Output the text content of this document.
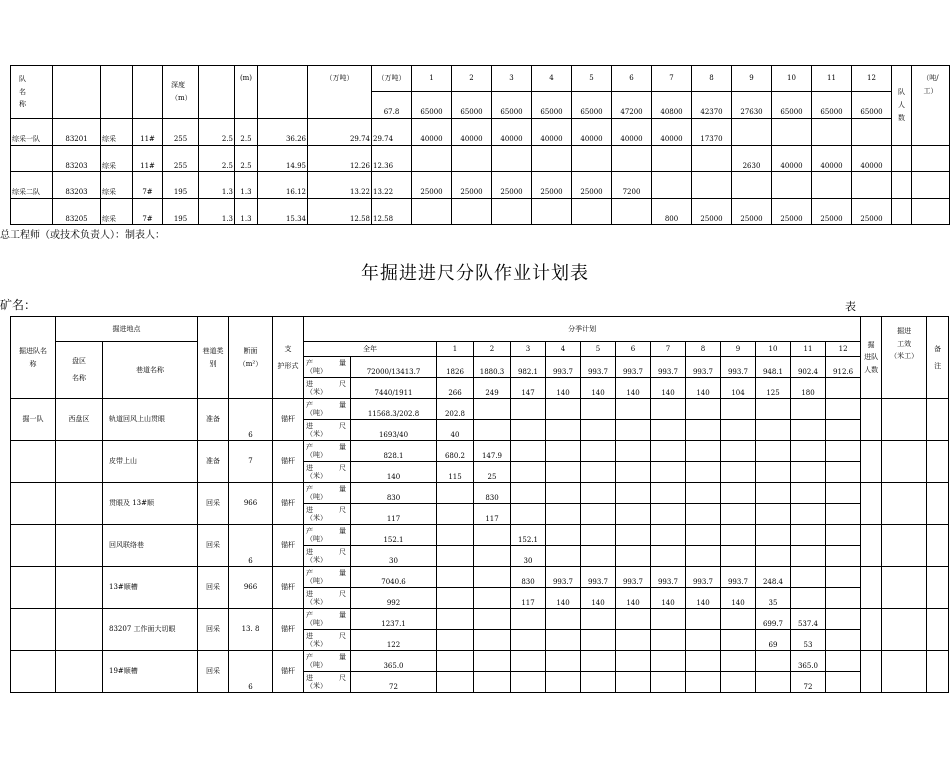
队
名
称				深度
（m）		(m)		（万吨）	（万吨）	1	2	3	4	5	6	7	8	9	10	11	12	队
人
数	（吨/
工）
									67.8	65000	65000	65000	65000	65000	47200	40800	42370	27630	65000	65000	65000		
综采一队	83201	综采	11#	255	2.5	2.5	36.26	29.74	29.74	40000	40000	40000	40000	40000	40000	40000	17370						
	83203	综采	11#	255	2.5	2.5	14.95	12.26	12.36									2630	40000	40000	40000		
综采二队	83203	综采	7#	195	1.3	1.3	16.12	13.22	13.22	25000	25000	25000	25000	25000	7200								
	83205	综采	7#	195	1.3	1.3	15.34	12.58	12.58							800	25000	25000	25000	25000	25000		
总工程师（或技术负责人）：制表人：
年掘进进尺分队作业计划表
矿名：	表
掘进队名
称	掘进地点		巷道类
别	断面
（m²）	支

护形式	分季计划														掘
进队
人数	掘进
工效
（米工）	备

注
	盘区

名称	巷道名称				全年		1	2	3	4	5	6	7	8	9	10	11	12			

						产 量
（吨）	72000/13413.7	1826	1880.3	982.1	993.7	993.7	993.7	993.7	993.7	993.7	948.1	902.4	912.6			

						进 尺
（米）	7440/1911	266	249	147	140	140	140	140	140	104	125	180				
掘一队	西盘区	轨道回风上山贯眼	准备	6	锚杆	产 量
（吨）	11568.3/202.8	202.8														

						进 尺
（米）	1693/40	40														
		皮带上山	准备	7	锚杆	产 量
（吨）	828.1	680.2	147.9													

						进 尺
（米）	140	115	25													
		贯眼及 13#顺	回采	966	锚杆	产 量
（吨）	830		830													

						进 尺
（米）	117		117													
		回风联络巷	回采	6	锚杆	产 量
（吨）	152.1			152.1												

						进 尺
（米）	30			30												
		13#顺槽	回采	966	锚杆	产 量
（吨）	7040.6			830	993.7	993.7	993.7	993.7	993.7	993.7	248.4					

						进 尺
（米）	992			117	140	140	140	140	140	140	35					
		83207 工作面大切眼	回采	13. 8	锚杆	产 量
（吨）	1237.1										699.7	537.4				

						进 尺
（米）	122										69	53				
		19#顺槽	回采	6	锚杆	产 量
（吨）	365.0											365.0				

						进 尺
（米）	72											72				
